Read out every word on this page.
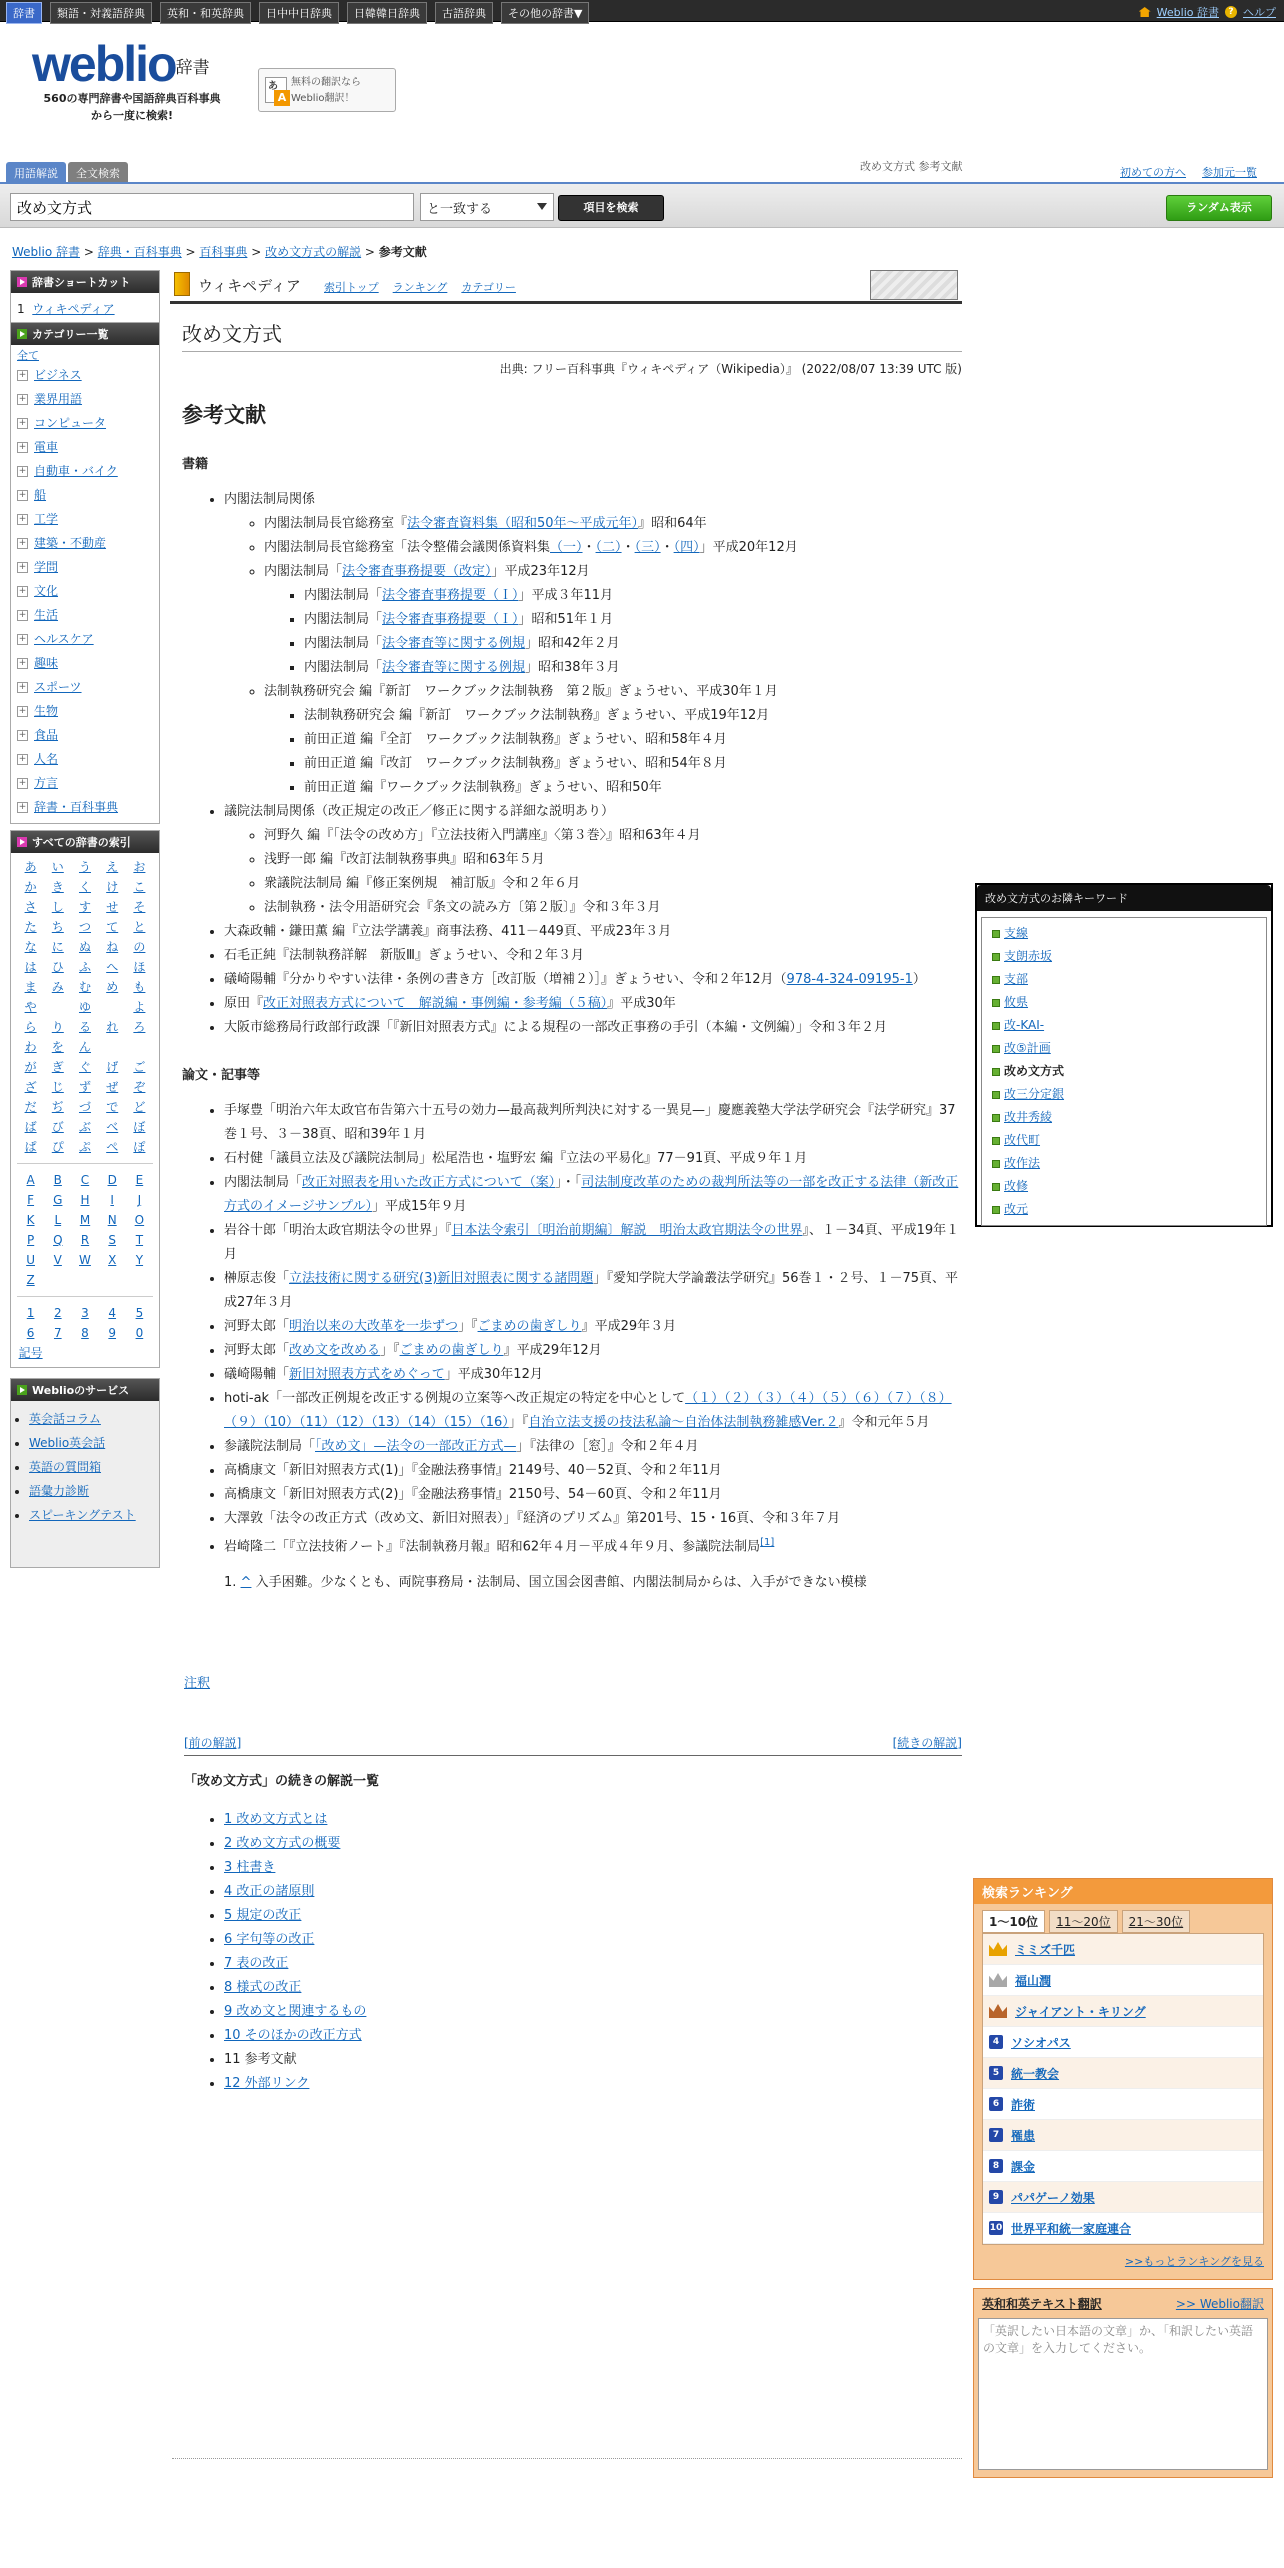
辞書	類語・対義語辞典	英和・和英辞典	日中中日辞典	日韓韓日辞典	古語辞典	その他の辞書▼	Weblio 辞書	? ヘルプ
weblio辞書
560の専門辞書や国語辞典百科事典
から一度に検索!
A
あ 無料の翻訳なら
Weblio翻訳！
用語解説	全文検索
改め文方式 参考文献	初めての方へ 参加元一覧
改め文方式
と一致する	項目を検索	ランダム表示
Weblio 辞書 > 辞典・百科事典 > 百科事典 > 改め文方式の解説 > 参考文献
辞書ショートカット
1 ウィキペディア
カテゴリー一覧
全て
+ ビジネス
+ 業界用語
+ コンピュータ
+ 電車
+ 自動車・バイク
+ 船
+ 工学
+ 建築・不動産
+ 学問
+ 文化
+ 生活
+ ヘルスケア
+ 趣味
+ スポーツ
+ 生物
+ 食品
+ 人名
+ 方言
+ 辞書・百科事典
すべての辞書の索引
あ	い	う	え	お
か	き	く	け	こ
さ	し	す	せ	そ
た	ち	つ	て	と
な	に	ぬ	ね	の
は	ひ	ふ	へ	ほ
ま	み	む	め	も
や	ゆ	よ
ら	り	る	れ	ろ
わ	を	ん
が	ぎ	ぐ	げ	ご
ざ	じ	ず	ぜ	ぞ
だ	ぢ	づ	で	ど
ば	び	ぶ	べ	ぼ
ぱ	ぴ	ぷ	ぺ	ぽ
A	B	C	D	E
F	G	H	I	J
K	L	M	N	O
P	Q	R	S	T
U	V	W	X	Y
Z
1	2	3	4	5
6	7	8	9	0
記号
Weblioのサービス
• 英会話コラム
• Weblio英会話
• 英語の質問箱
• 語彙力診断
• スピーキングテスト
ウィキペディア 索引トップ ランキング カテゴリー
改め文方式
出典: フリー百科事典『ウィキペディア（Wikipedia）』 (2022/08/07 13:39 UTC 版)
参考文献
書籍
• 内閣法制局関係
◦ 内閣法制局長官総務室『法令審査資料集（昭和50年～平成元年）』昭和64年
◦ 内閣法制局長官総務室「法令整備会議関係資料集（一）・（二）・（三）・（四）」平成20年12月
◦ 内閣法制局「法令審査事務提要（改定）」平成23年12月
▪ 内閣法制局「法令審査事務提要（Ｉ）」平成３年11月
▪ 内閣法制局「法令審査事務提要（Ｉ）」昭和51年１月
▪ 内閣法制局「法令審査等に関する例規」昭和42年２月
▪ 内閣法制局「法令審査等に関する例規」昭和38年３月
◦ 法制執務研究会 編『新訂　ワークブック法制執務　第２版』ぎょうせい、平成30年１月
▪ 法制執務研究会 編『新訂　ワークブック法制執務』ぎょうせい、平成19年12月
▪ 前田正道 編『全訂　ワークブック法制執務』ぎょうせい、昭和58年４月
▪ 前田正道 編『改訂　ワークブック法制執務』ぎょうせい、昭和54年８月
▪ 前田正道 編『ワークブック法制執務』ぎょうせい、昭和50年
• 議院法制局関係（改正規定の改正／修正に関する詳細な説明あり）
◦ 河野久 編『「法令の改め方」『立法技術入門講座』〈第３巻〉』昭和63年４月
◦ 浅野一郎 編『改訂法制執務事典』昭和63年５月
◦ 衆議院法制局 編『修正案例規　補訂版』令和２年６月
◦ 法制執務・法令用語研究会『条文の読み方〔第２版〕』令和３年３月
• 大森政輔・鎌田薫 編『立法学講義』商事法務、411－449頁、平成23年３月
• 石毛正純『法制執務詳解　新版Ⅲ』ぎょうせい、令和２年３月
• 礒崎陽輔『分かりやすい法律・条例の書き方［改訂版（増補２）］』ぎょうせい、令和２年12月（978-4-324-09195-1）
• 原田『改正対照表方式について　解説編・事例編・参考編（５稿）』平成30年
• 大阪市総務局行政部行政課「『新旧対照表方式』による規程の一部改正事務の手引（本編・文例編）」令和３年２月
論文・記事等
• 手塚豊「明治六年太政官布告第六十五号の効力—最高裁判所判決に対する一異見—」慶應義塾大学法学研究会『法学研究』37巻１号、３－38頁、昭和39年１月
• 石村健「議員立法及び議院法制局」松尾浩也・塩野宏 編『立法の平易化』77－91頁、平成９年１月
• 内閣法制局「改正対照表を用いた改正方式について（案）」・「司法制度改革のための裁判所法等の一部を改正する法律（新改正方式のイメージサンプル）」平成15年９月
• 岩谷十郎「明治太政官期法令の世界」『日本法令索引〔明治前期編〕解説　明治太政官期法令の世界』、１－34頁、平成19年１月
• 榊原志俊「立法技術に関する研究(3)新旧対照表に関する諸問題」『愛知学院大学論叢法学研究』56巻１・２号、１－75頁、平成27年３月
• 河野太郎「明治以来の大改革を一歩ずつ」『ごまめの歯ぎしり』平成29年３月
• 河野太郎「改め文を改める」『ごまめの歯ぎしり』平成29年12月
• 礒崎陽輔「新旧対照表方式をめぐって」平成30年12月
• hoti-ak「一部改正例規を改正する例規の立案等へ改正規定の特定を中心として（１）（２）（３）（４）（５）（６）（７）（８）（９）（10）（11）（12）（13）（14）（15）（16）」『自治立法支援の技法私論～自治体法制執務雑感Ver.２』令和元年５月
• 参議院法制局「「改め文」—法令の一部改正方式—」『法律の［窓］』令和２年４月
• 高橋康文「新旧対照表方式(1)」『金融法務事情』2149号、40－52頁、令和２年11月
• 高橋康文「新旧対照表方式(2)」『金融法務事情』2150号、54－60頁、令和２年11月
• 大澤敦「法令の改正方式（改め文、新旧対照表）」『経済のプリズム』第201号、15・16頁、令和３年７月
• 岩崎隆二「『立法技術ノート』『法制執務月報』昭和62年４月－平成４年９月、参議院法制局[1]
1. ^ 入手困難。少なくとも、両院事務局・法制局、国立国会図書館、内閣法制局からは、入手ができない模様
注釈
[前の解説]	[続きの解説]
「改め文方式」の続きの解説一覧
• 1 改め文方式とは
• 2 改め文方式の概要
• 3 柱書き
• 4 改正の諸原則
• 5 規定の改正
• 6 字句等の改正
• 7 表の改正
• 8 様式の改正
• 9 改め文と関連するもの
• 10 そのほかの改正方式
• 11 参考文献
• 12 外部リンク
改め文方式のお隣キーワード
支線
支朗赤坂
支部
攸県
改-KAI-
改⑤計画
改め文方式
改三分定銀
改井秀綾
改代町
改作法
改修
改元
検索ランキング
1～10位	11～20位	21～30位
ミミズ千匹
福山潤
ジャイアント・キリング
4 ソシオパス
5 統一教会
6 詐術
7 罹患
8 課金
9 パパゲーノ効果
10 世界平和統一家庭連合
>>もっとランキングを見る
英和和英テキスト翻訳	>> Weblio翻訳
「英訳したい日本語の文章」か、「和訳したい英語の文章」を入力してください。
